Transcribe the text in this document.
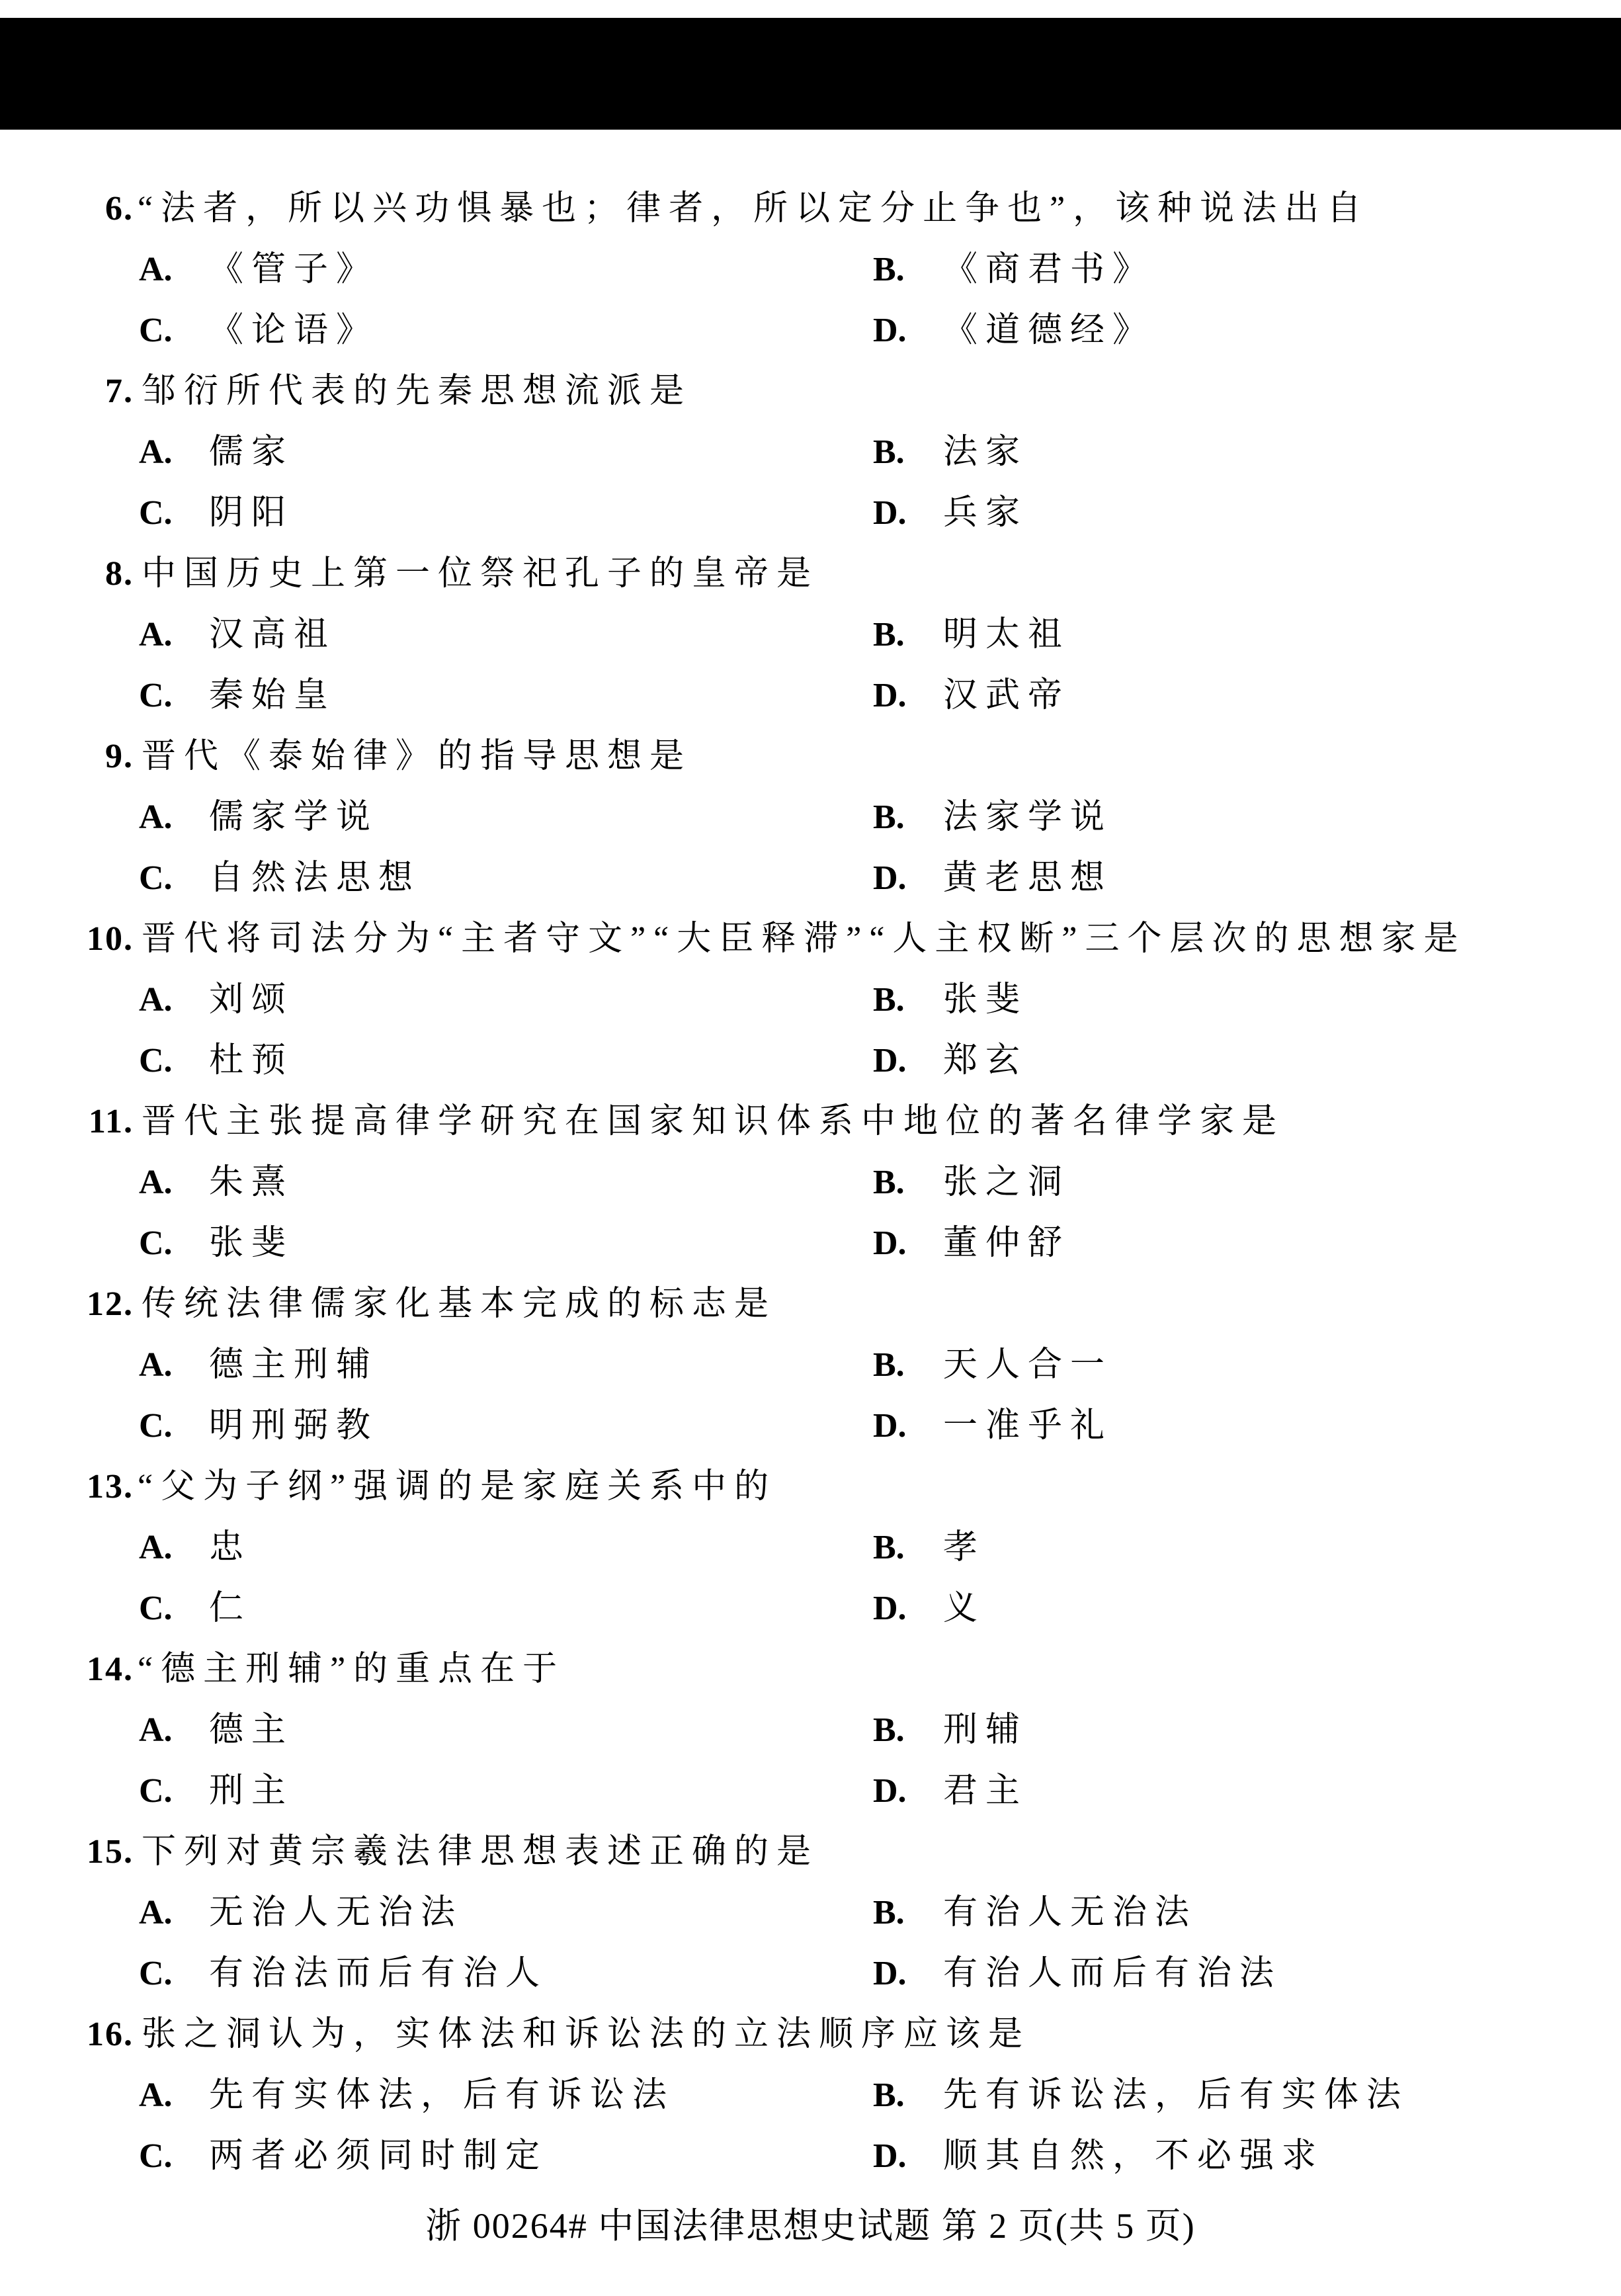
6. “法者，所以兴功惧暴也；律者，所以定分止争也”，该种说法出自
A. 《管子》	B. 《商君书》
C. 《论语》	D. 《道德经》
7. 邹衍所代表的先秦思想流派是
A. 儒家	B. 法家
C. 阴阳	D. 兵家
8. 中国历史上第一位祭祀孔子的皇帝是
A. 汉高祖	B. 明太祖
C. 秦始皇	D. 汉武帝
9. 晋代《泰始律》的指导思想是
A. 儒家学说	B. 法家学说
C. 自然法思想	D. 黄老思想
10. 晋代将司法分为“主者守文”“大臣释滞”“人主权断”三个层次的思想家是
A. 刘颂	B. 张斐
C. 杜预	D. 郑玄
11. 晋代主张提高律学研究在国家知识体系中地位的著名律学家是
A. 朱熹	B. 张之洞
C. 张斐	D. 董仲舒
12. 传统法律儒家化基本完成的标志是
A. 德主刑辅	B. 天人合一
C. 明刑弼教	D. 一准乎礼
13. “父为子纲”强调的是家庭关系中的
A. 忠	B. 孝
C. 仁	D. 义
14. “德主刑辅”的重点在于
A. 德主	B. 刑辅
C. 刑主	D. 君主
15. 下列对黄宗羲法律思想表述正确的是
A. 无治人无治法	B. 有治人无治法
C. 有治法而后有治人	D. 有治人而后有治法
16. 张之洞认为，实体法和诉讼法的立法顺序应该是
A. 先有实体法，后有诉讼法	B. 先有诉讼法，后有实体法
C. 两者必须同时制定	D. 顺其自然，不必强求
浙 00264# 中国法律思想史试题 第 2 页(共 5 页)
